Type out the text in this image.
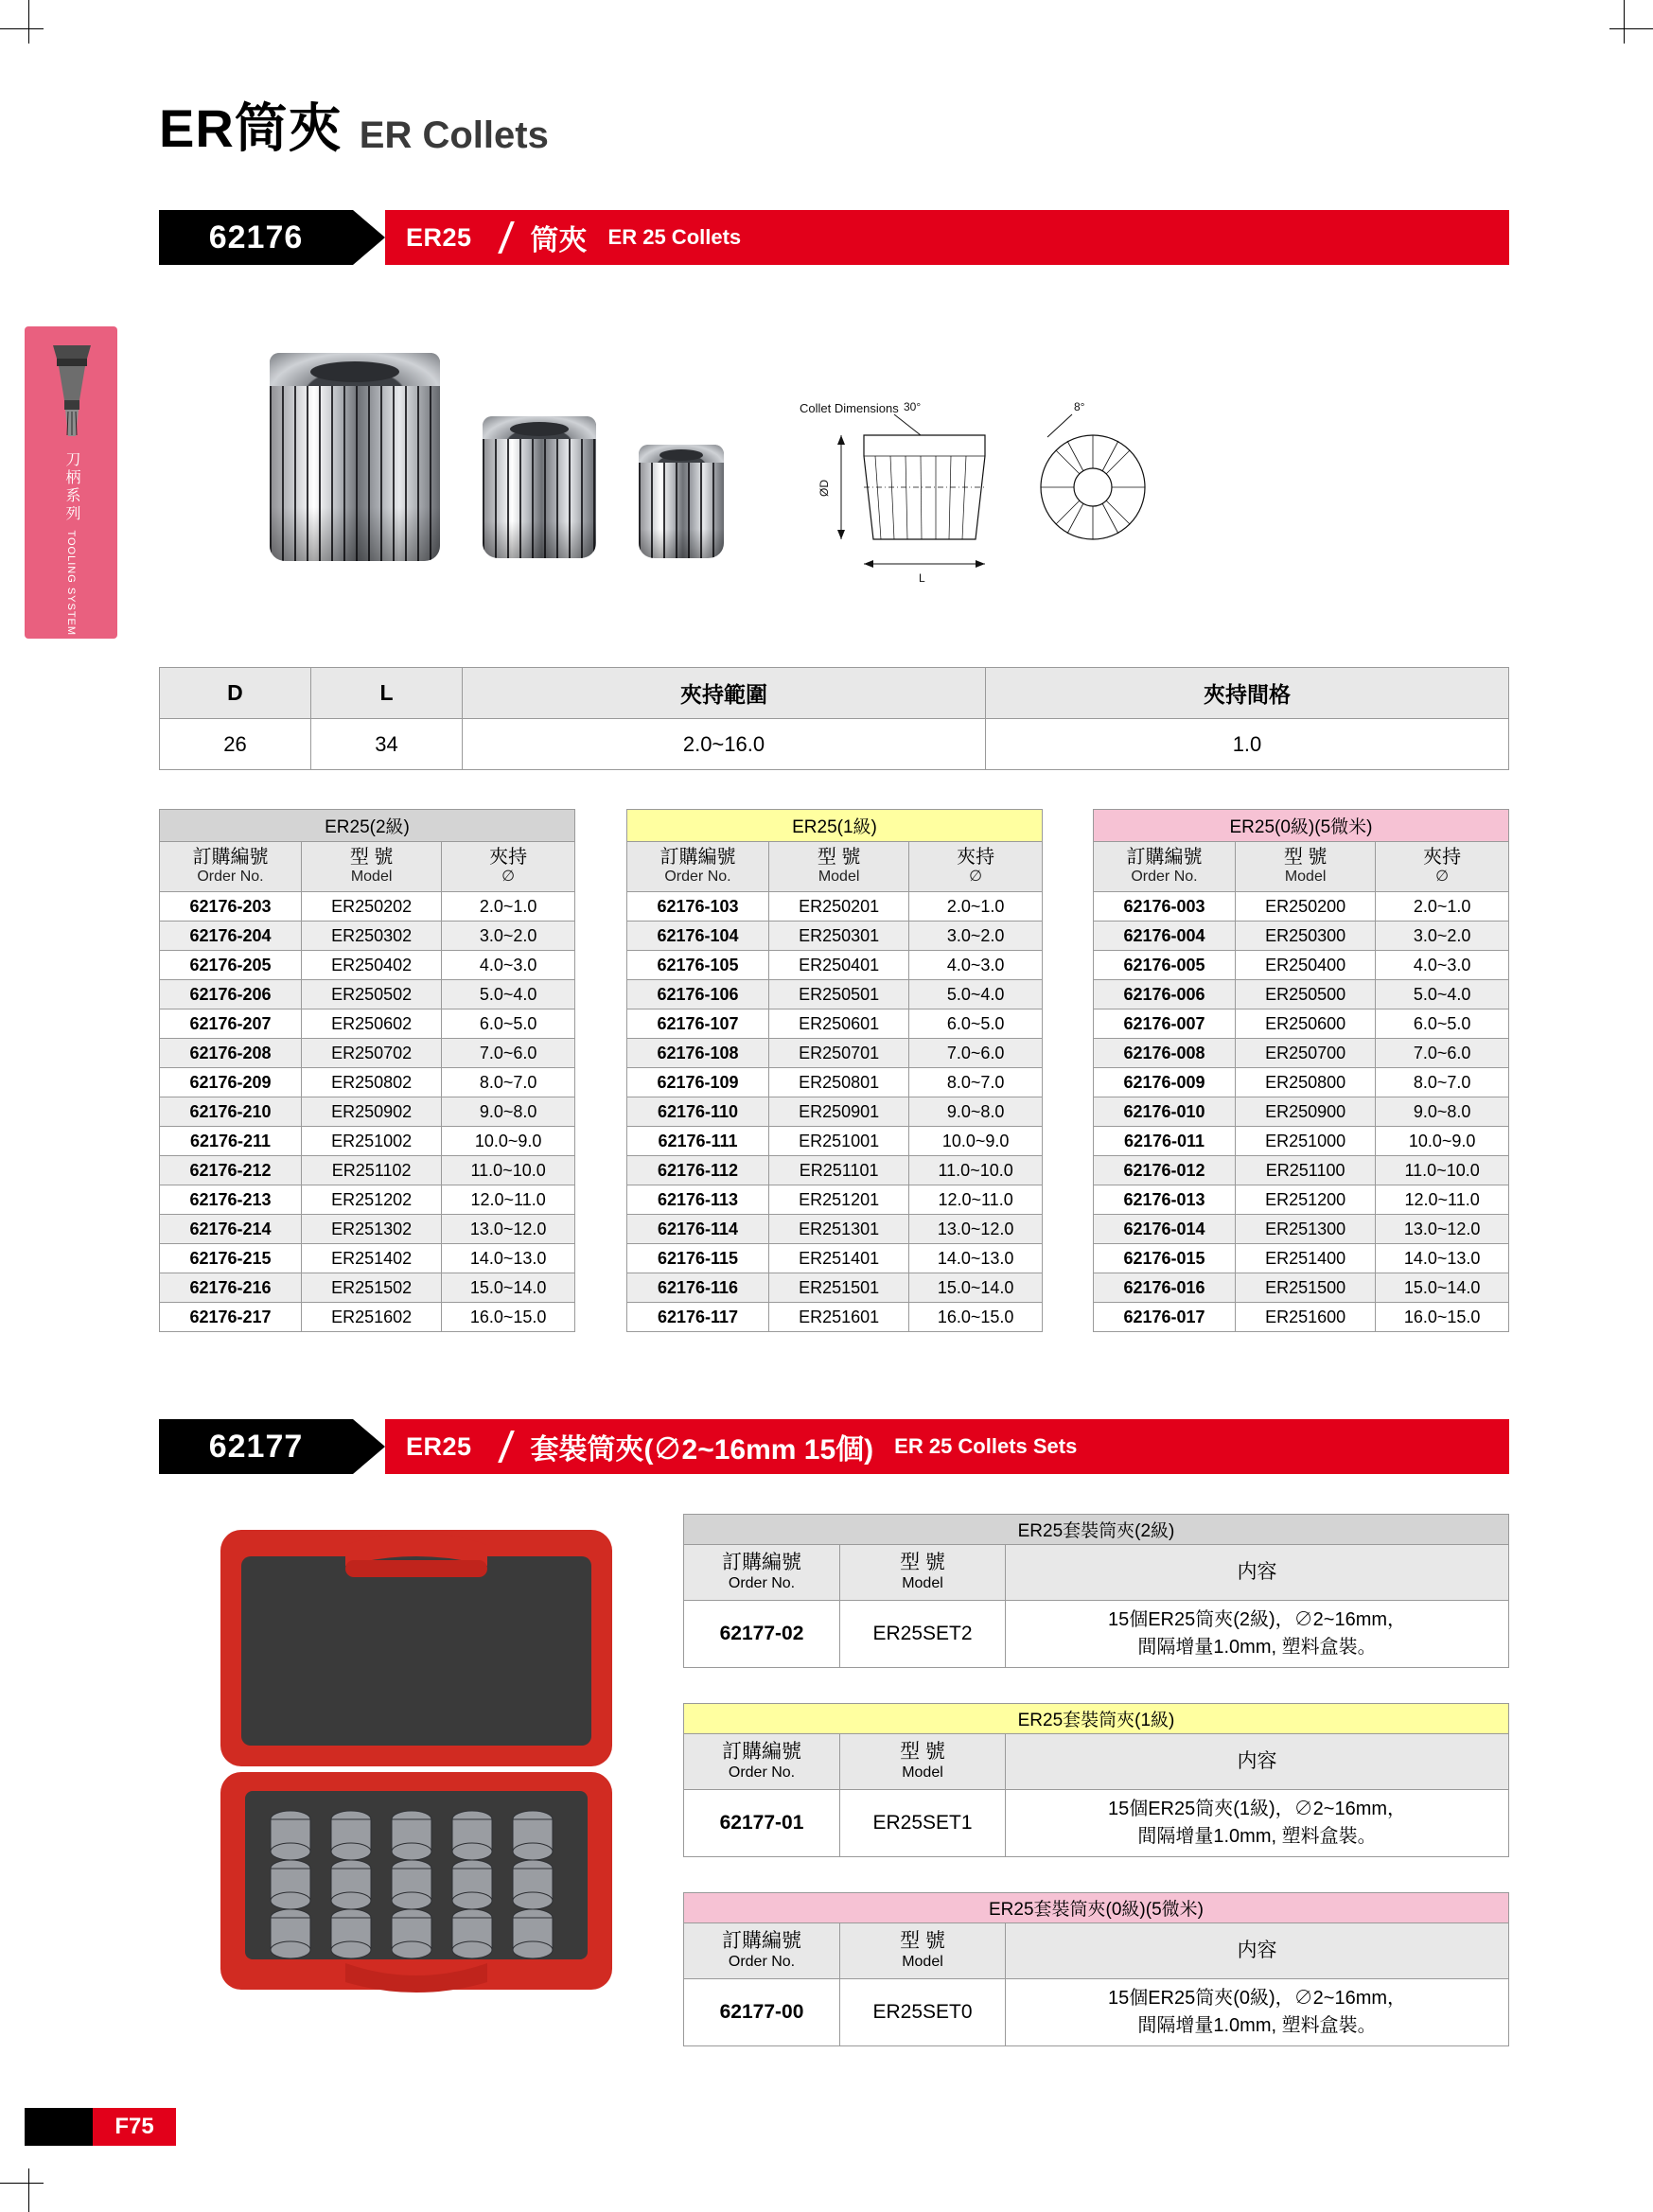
ER筒夾 ER Collets
62176	ER25 筒夾 ER 25 Collets
刀柄系列 TOOLING SYSTEM
Collet Dimensions 30°	8°
ØD
L
D	L	夾持範圍	夾持間格
26	34	2.0~16.0	1.0
ER25(2級)		

訂購編號
Order No.	型 號
Model	夾持
∅

62176-203	ER250202	2.0~1.0
62176-204	ER250302	3.0~2.0
62176-205	ER250402	4.0~3.0
62176-206	ER250502	5.0~4.0
62176-207	ER250602	6.0~5.0
62176-208	ER250702	7.0~6.0
62176-209	ER250802	8.0~7.0
62176-210	ER250902	9.0~8.0
62176-211	ER251002	10.0~9.0
62176-212	ER251102	11.0~10.0
62176-213	ER251202	12.0~11.0
62176-214	ER251302	13.0~12.0
62176-215	ER251402	14.0~13.0
62176-216	ER251502	15.0~14.0
62176-217	ER251602	16.0~15.0
ER25(1級)		

訂購編號
Order No.	型 號
Model	夾持
∅

62176-103	ER250201	2.0~1.0
62176-104	ER250301	3.0~2.0
62176-105	ER250401	4.0~3.0
62176-106	ER250501	5.0~4.0
62176-107	ER250601	6.0~5.0
62176-108	ER250701	7.0~6.0
62176-109	ER250801	8.0~7.0
62176-110	ER250901	9.0~8.0
62176-111	ER251001	10.0~9.0
62176-112	ER251101	11.0~10.0
62176-113	ER251201	12.0~11.0
62176-114	ER251301	13.0~12.0
62176-115	ER251401	14.0~13.0
62176-116	ER251501	15.0~14.0
62176-117	ER251601	16.0~15.0
ER25(0級)(5微米)		

訂購編號
Order No.	型 號
Model	夾持
∅

62176-003	ER250200	2.0~1.0
62176-004	ER250300	3.0~2.0
62176-005	ER250400	4.0~3.0
62176-006	ER250500	5.0~4.0
62176-007	ER250600	6.0~5.0
62176-008	ER250700	7.0~6.0
62176-009	ER250800	8.0~7.0
62176-010	ER250900	9.0~8.0
62176-011	ER251000	10.0~9.0
62176-012	ER251100	11.0~10.0
62176-013	ER251200	12.0~11.0
62176-014	ER251300	13.0~12.0
62176-015	ER251400	14.0~13.0
62176-016	ER251500	15.0~14.0
62176-017	ER251600	16.0~15.0
62177	ER25 套裝筒夾(∅2~16mm 15個) ER 25 Collets Sets
ER25套裝筒夾(2級)		

訂購編號
Order No.	型 號
Model	内容

62177-02	ER25SET2	15個ER25筒夾(2級)，∅2~16mm，
間隔增量1.0mm, 塑料盒裝。
ER25套裝筒夾(1級)		

訂購編號
Order No.	型 號
Model	内容

62177-01	ER25SET1	15個ER25筒夾(1級)，∅2~16mm，
間隔增量1.0mm, 塑料盒裝。
ER25套裝筒夾(0級)(5微米)		

訂購編號
Order No.	型 號
Model	内容

62177-00	ER25SET0	15個ER25筒夾(0級)，∅2~16mm，
間隔增量1.0mm, 塑料盒裝。
F75
